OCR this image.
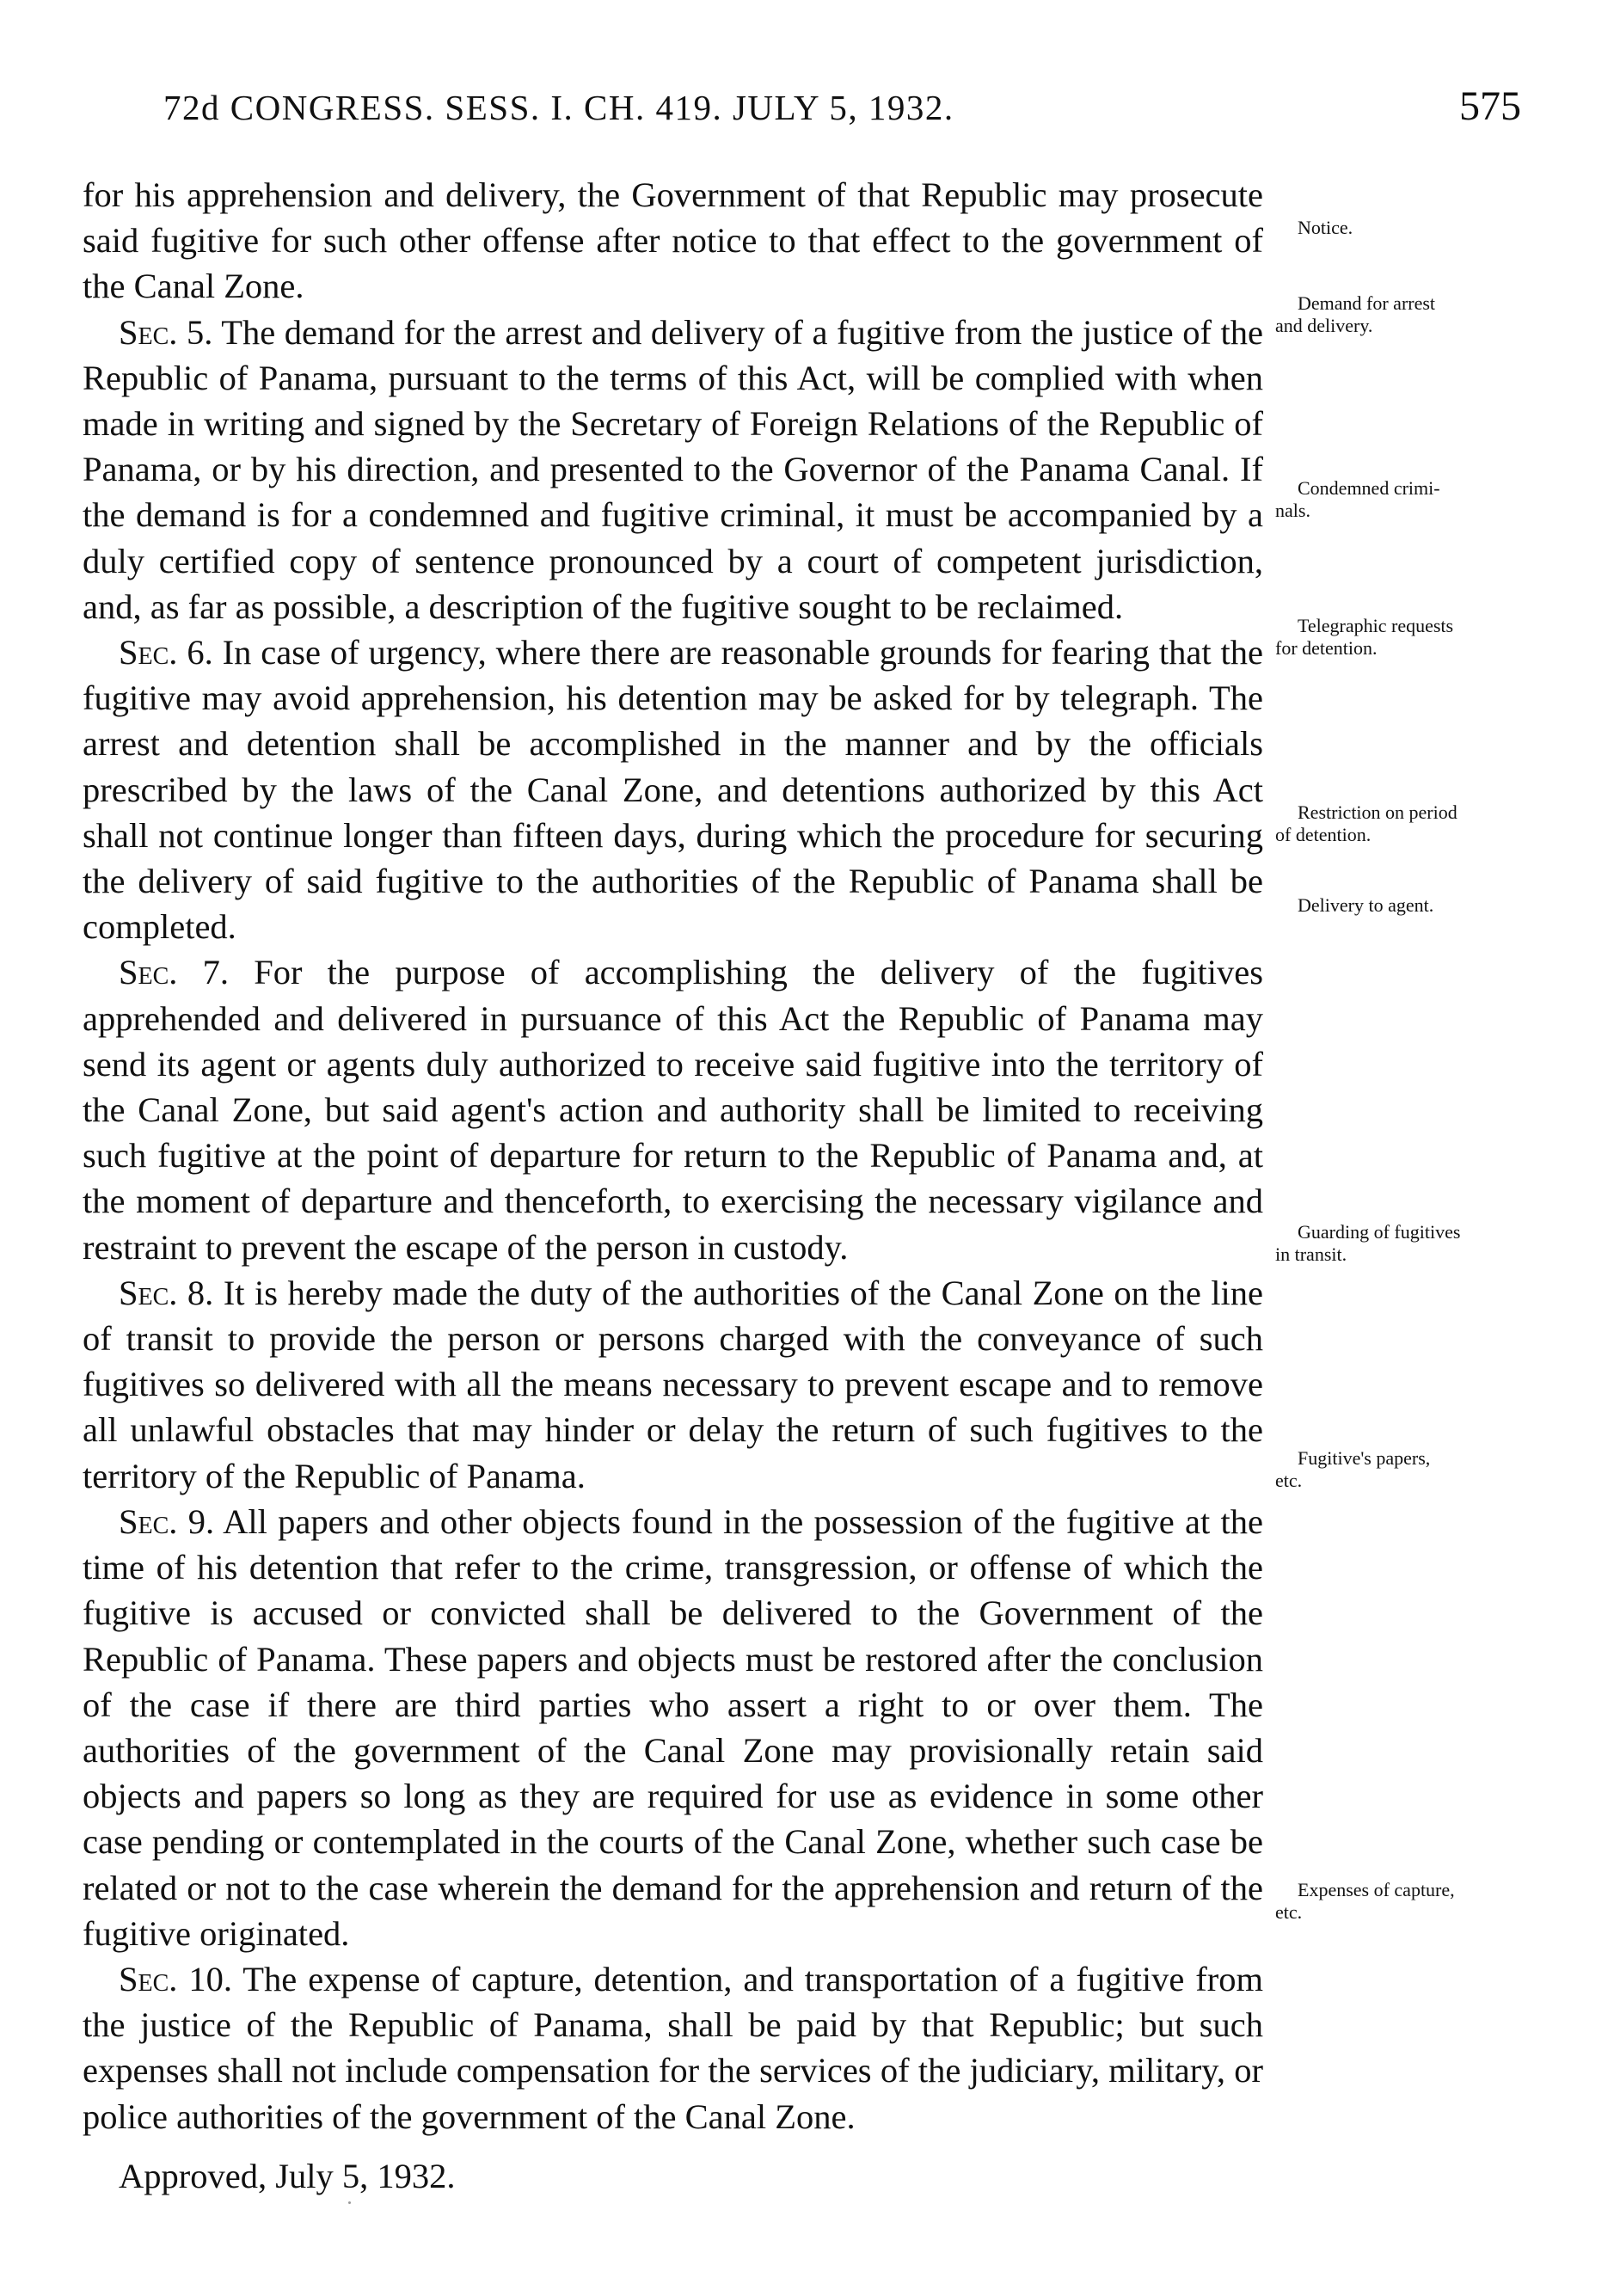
72d CONGRESS. SESS. I. CH. 419. JULY 5, 1932.	575

for his apprehension and delivery, the Government of that Republic may prosecute said fugitive for such other offense after notice to that effect to the government of the Canal Zone.

Sec. 5. The demand for the arrest and delivery of a fugitive from the justice of the Republic of Panama, pursuant to the terms of this Act, will be complied with when made in writing and signed by the Secretary of Foreign Relations of the Republic of Panama, or by his direction, and presented to the Governor of the Panama Canal. If the demand is for a condemned and fugitive criminal, it must be accompanied by a duly certified copy of sentence pronounced by a court of competent jurisdiction, and, as far as possible, a description of the fugitive sought to be reclaimed.

Sec. 6. In case of urgency, where there are reasonable grounds for fearing that the fugitive may avoid apprehension, his detention may be asked for by telegraph. The arrest and detention shall be accomplished in the manner and by the officials prescribed by the laws of the Canal Zone, and detentions authorized by this Act shall not continue longer than fifteen days, during which the procedure for securing the delivery of said fugitive to the authorities of the Republic of Panama shall be completed.

Sec. 7. For the purpose of accomplishing the delivery of the fugitives apprehended and delivered in pursuance of this Act the Republic of Panama may send its agent or agents duly authorized to receive said fugitive into the territory of the Canal Zone, but said agent's action and authority shall be limited to receiving such fugitive at the point of departure for return to the Republic of Panama and, at the moment of departure and thenceforth, to exercising the necessary vigilance and restraint to prevent the escape of the person in custody.

Sec. 8. It is hereby made the duty of the authorities of the Canal Zone on the line of transit to provide the person or persons charged with the conveyance of such fugitives so delivered with all the means necessary to prevent escape and to remove all unlawful obstacles that may hinder or delay the return of such fugitives to the territory of the Republic of Panama.

Sec. 9. All papers and other objects found in the possession of the fugitive at the time of his detention that refer to the crime, transgression, or offense of which the fugitive is accused or convicted shall be delivered to the Government of the Republic of Panama. These papers and objects must be restored after the conclusion of the case if there are third parties who assert a right to or over them. The authorities of the government of the Canal Zone may provisionally retain said objects and papers so long as they are required for use as evidence in some other case pending or contemplated in the courts of the Canal Zone, whether such case be related or not to the case wherein the demand for the apprehension and return of the fugitive originated.

Sec. 10. The expense of capture, detention, and transportation of a fugitive from the justice of the Republic of Panama, shall be paid by that Republic; but such expenses shall not include compensation for the services of the judiciary, military, or police authorities of the government of the Canal Zone.

Approved, July 5, 1932.

Notice.
Demand for arrest
and delivery.
Condemned crimi-
nals.
Telegraphic requests
for detention.
Restriction on period
of detention.
Delivery to agent.
Guarding of fugitives
in transit.
Fugitive's papers,
etc.
Expenses of capture,
etc.
